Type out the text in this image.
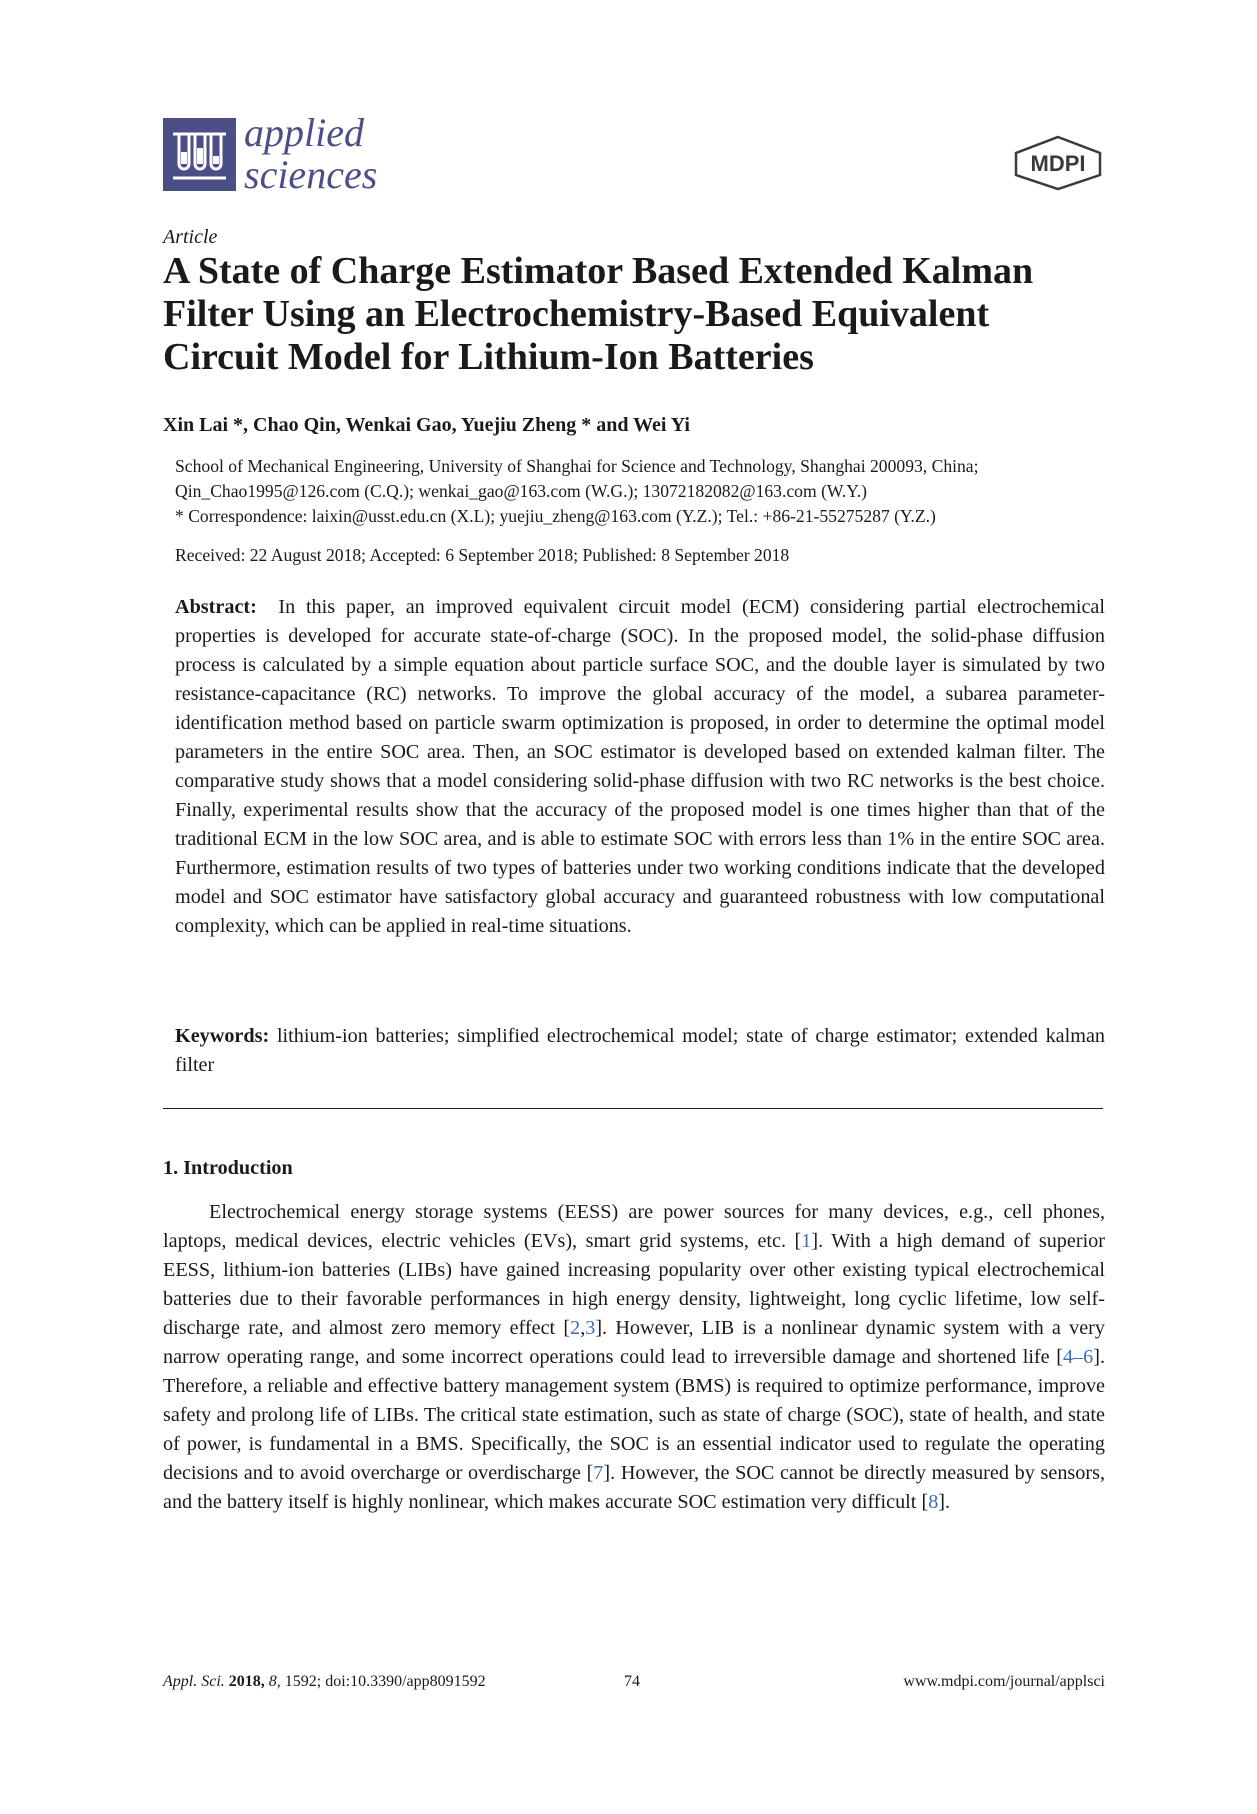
applied
sciences	MDPI
Article
A State of Charge Estimator Based Extended Kalman Filter Using an Electrochemistry-Based Equivalent Circuit Model for Lithium-Ion Batteries
Xin Lai *, Chao Qin, Wenkai Gao, Yuejiu Zheng * and Wei Yi
School of Mechanical Engineering, University of Shanghai for Science and Technology, Shanghai 200093, China; Qin_Chao1995@126.com (C.Q.); wenkai_gao@163.com (W.G.); 13072182082@163.com (W.Y.)
* Correspondence: laixin@usst.edu.cn (X.L); yuejiu_zheng@163.com (Y.Z.); Tel.: +86-21-55275287 (Y.Z.)
Received: 22 August 2018; Accepted: 6 September 2018; Published: 8 September 2018

Abstract: In this paper, an improved equivalent circuit model (ECM) considering partial electrochemical properties is developed for accurate state-of-charge (SOC). In the proposed model, the solid-phase diffusion process is calculated by a simple equation about particle surface SOC, and the double layer is simulated by two resistance-capacitance (RC) networks. To improve the global accuracy of the model, a subarea parameter-identification method based on particle swarm optimization is proposed, in order to determine the optimal model parameters in the entire SOC area. Then, an SOC estimator is developed based on extended kalman filter. The comparative study shows that a model considering solid-phase diffusion with two RC networks is the best choice. Finally, experimental results show that the accuracy of the proposed model is one times higher than that of the traditional ECM in the low SOC area, and is able to estimate SOC with errors less than 1% in the entire SOC area. Furthermore, estimation results of two types of batteries under two working conditions indicate that the developed model and SOC estimator have satisfactory global accuracy and guaranteed robustness with low computational complexity, which can be applied in real-time situations.

Keywords: lithium-ion batteries; simplified electrochemical model; state of charge estimator; extended kalman filter

1. Introduction

Electrochemical energy storage systems (EESS) are power sources for many devices, e.g., cell phones, laptops, medical devices, electric vehicles (EVs), smart grid systems, etc. [1]. With a high demand of superior EESS, lithium-ion batteries (LIBs) have gained increasing popularity over other existing typical electrochemical batteries due to their favorable performances in high energy density, lightweight, long cyclic lifetime, low self-discharge rate, and almost zero memory effect [2,3]. However, LIB is a nonlinear dynamic system with a very narrow operating range, and some incorrect operations could lead to irreversible damage and shortened life [4–6]. Therefore, a reliable and effective battery management system (BMS) is required to optimize performance, improve safety and prolong life of LIBs. The critical state estimation, such as state of charge (SOC), state of health, and state of power, is fundamental in a BMS. Specifically, the SOC is an essential indicator used to regulate the operating decisions and to avoid overcharge or overdischarge [7]. However, the SOC cannot be directly measured by sensors, and the battery itself is highly nonlinear, which makes accurate SOC estimation very difficult [8].

Appl. Sci. 2018, 8, 1592; doi:10.3390/app8091592	74	www.mdpi.com/journal/applsci
